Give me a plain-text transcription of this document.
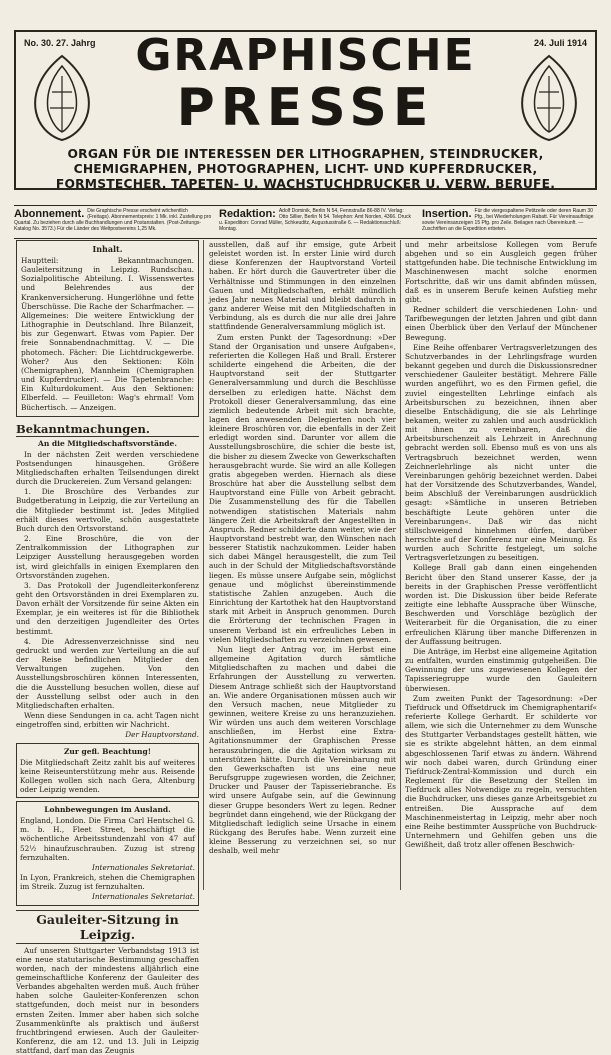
No. 30. 27. Jahrg	24. Juli 1914
GRAPHISCHE
PRESSE
ORGAN FÜR DIE INTERESSEN DER LITHOGRAPHEN, STEINDRUCKER,
CHEMIGRAPHEN, PHOTOGRAPHEN, LICHT- UND KUPFERDRUCKER,
FORMSTECHER, TAPETEN- U. WACHSTUCHDRUCKER U. VERW. BERUFE.
Abonnement. Die Graphische Presse erscheint wöchentlich (Freitags). Abonnementspreis: 1 Mk. inkl. Zustellung pro Quartal. Zu beziehen durch alle Buchhandlungen und Postanstalten. (Post-Zeitungs-Katalog No. 3573.) Für die Länder des Weltpostvereins 1,25 Mk.
Redaktion: Adolf Dominik, Berlin N 54, Fennstraße 86-88 IV. Verlag: Otto Sillier, Berlin N 54. Telephon: Amt Norden, 4366. Druck u. Expedition: Conrad Müller, Schkeuditz, Augustusstraße 6. — Redaktionsschluß: Montag.
Insertion. Für die viergespaltene Petitzeile oder deren Raum 30 Pfg., bei Wiederholungen Rabatt. Für Vereinsaufträge sowie Vereinsanzeigen 15 Pfg. pro Zeile. Beilagen nach Übereinkunft. — Zuschriften an die Expedition erbeten.
Inhalt.

Hauptteil: Bekanntmachungen. Gauleitersitzung in Leipzig. Rundschau. Sozialpolitische Abteilung. I. Wissenswertes und Belehrendes aus der Krankenversicherung. Hungerlöhne und fette Überschüsse. Die Rache der Scharfmacher. — Allgemeines: Die weitere Entwicklung der Lithographie in Deutschland. Ihre Bilanzeit, bis zur Gegenwart. Etwas vom Papier. Der freie Sonnabendnachmittag. V. — Die photomech. Fächer: Die Lichtdruckgewerbe. Woher? Aus den Sektionen: Köln (Chemigraphen), Mannheim (Chemigraphen und Kupferdrucker). — Die Tapetenbranche: Ein Kulturdokument. Aus den Sektionen: Elberfeld. — Feuilleton: Wag's ehrmal! Vom Büchertisch. — Anzeigen.

Bekanntmachungen.
An die Mitgliedschaftsvorstände.

In der nächsten Zeit werden verschiedene Postsendungen hinausgehen. Größere Mitgliedschaften erhalten Teilsendungen direkt durch die Druckereien. Zum Versand gelangen:

1. Die Broschüre des Verbandes zur Budgetberatung in Leipzig, die zur Verteilung an die Mitglieder bestimmt ist. Jedes Mitglied erhält dieses wertvolle, schön ausgestattete Buch durch den Ortsvorstand.

2. Eine Broschüre, die von der Zentralkommission der Lithographen zur Leipziger Ausstellung herausgegeben worden ist, wird gleichfalls in einigen Exemplaren den Ortsvorständen zugehen.

3. Das Protokoll der Jugendleiterkonferenz geht den Ortsvorständen in drei Exemplaren zu. Davon erhält der Vorsitzende für seine Akten ein Exemplar, je ein weiteres ist für die Bibliothek und den derzeitigen Jugendleiter des Ortes bestimmt.

4. Die Adressenverzeichnisse sind neu gedruckt und werden zur Verteilung an die auf der Reise befindlichen Mitglieder den Verwaltungen zugehen. Von den Ausstellungsbroschüren können Interessenten, die die Ausstellung besuchen wollen, diese auf der Ausstellung selbst oder auch in den Mitgliedschaften erhalten.

Wenn diese Sendungen in ca. acht Tagen nicht eingetroffen sind, erbitten wir Nachricht.

Der Hauptvorstand.

Zur gefl. Beachtung!

Die Mitgliedschaft Zeitz zahlt bis auf weiteres keine Reiseunterstützung mehr aus. Reisende Kollegen wollen sich nach Gera, Altenburg oder Leipzig wenden.

Lohnbewegungen im Ausland.

England, London. Die Firma Carl Hentschel G. m. b. H., Fleet Street, beschäftigt die wöchentliche Arbeitsstundenzahl von 47 auf 52½ hinaufzuschrauben. Zuzug ist streng fernzuhalten.

Internationales Sekretariat.

In Lyon, Frankreich, stehen die Chemigraphen im Streik. Zuzug ist fernzuhalten.

Internationales Sekretariat.

Gauleiter-Sitzung in Leipzig.

Auf unseren Stuttgarter Verbandstag 1913 ist eine neue statutarische Bestimmung geschaffen worden, nach der mindestens alljährlich eine gemeinschaftliche Konferenz der Gauleiter des Verbandes abgehalten werden muß. Auch früher haben solche Gauleiter-Konferenzen schon stattgefunden, doch meist nur in besonders ernsten Zeiten. Immer aber haben sich solche Zusammenkünfte als praktisch und äußerst fruchtbringend erwiesen. Auch der Gauleiter-Konferenz, die am 12. und 13. Juli in Leipzig stattfand, darf man das Zeugnis

ausstellen, daß auf ihr emsige, gute Arbeit geleistet worden ist. In erster Linie wird durch diese Konferenzen der Hauptvorstand Vorteil haben. Er hört durch die Gauvertreter über die Verhältnisse und Stimmungen in den einzelnen Gauen und Mitgliedschaften, erhält mündlich jedes Jahr neues Material und bleibt dadurch in ganz anderer Weise mit den Mitgliedschaften in Verbindung, als es durch die nur alle drei Jahre stattfindende Generalversammlung möglich ist.

Zum ersten Punkt der Tagesordnung: »Der Stand der Organisation und unsere Aufgaben«, referierten die Kollegen Haß und Brall. Ersterer schilderte eingehend die Arbeiten, die der Hauptvorstand seit der Stuttgarter Generalversammlung und durch die Beschlüsse derselben zu erledigen hatte. Nächst dem Protokoll dieser Generalversammlung, das eine ziemlich bedeutende Arbeit mit sich brachte, lagen den anwesenden Delegierten noch vier kleinere Broschüren vor, die ebenfalls in der Zeit erledigt worden sind. Darunter vor allem die Ausstellungsbroschüre, die schier die beste ist, die bisher zu diesem Zwecke von Gewerkschaften herausgebracht wurde. Sie wird an alle Kollegen gratis abgegeben werden. Hiernach als diese Broschüre hat aber die Ausstellung selbst dem Hauptvorstand eine Fülle von Arbeit gebracht. Die Zusammenstellung des für die Tabellen notwendigen statistischen Materials nahm längere Zeit die Arbeitskraft der Angestellten in Anspruch. Redner schilderte dann weiter, wie der Hauptvorstand bestrebt war, den Wünschen nach besserer Statistik nachzukommen. Leider haben sich dabei Mängel herausgestellt, die zum Teil auch in der Schuld der Mitgliedschaftsvorstände liegen. Es müsse unsere Aufgabe sein, möglichst genaue und möglichst übereinstimmende statistische Zahlen anzugeben. Auch die Einrichtung der Kartothek hat den Hauptvorstand stark mit Arbeit in Anspruch genommen. Durch die Erörterung der technischen Fragen in unserem Verband ist ein erfreuliches Leben in vielen Mitgliedschaften zu verzeichnen gewesen.

Nun liegt der Antrag vor, im Herbst eine allgemeine Agitation durch sämtliche Mitgliedschaften zu machen und dabei die Erfahrungen der Ausstellung zu verwerten. Diesem Antrage schließt sich der Hauptvorstand an. Wie andere Organisationen müssen auch wir den Versuch machen, neue Mitglieder zu gewinnen, weitere Kreise zu uns heranzuziehen. Wir würden uns auch dem weiteren Vorschlage anschließen, im Herbst eine Extra-Agitationsnummer der Graphischen Presse herauszubringen, die die Agitation wirksam zu unterstützen hätte. Durch die Vereinbarung mit den Gewerkschaften ist uns eine neue Berufsgruppe zugewiesen worden, die Zeichner, Drucker und Pauser der Tapisseriebranche. Es wird unsere Aufgabe sein, auf die Gewinnung dieser Gruppe besonders Wert zu legen. Redner begründet dann eingehend, wie der Rückgang der Mitgliedschaft lediglich seine Ursache in einem Rückgang des Berufes habe. Wenn zurzeit eine kleine Besserung zu verzeichnen sei, so nur deshalb, weil mehr

und mehr arbeitslose Kollegen vom Berufe abgehen und so ein Ausgleich gegen früher stattgefunden habe. Die technische Entwicklung im Maschinenwesen macht solche enormen Fortschritte, daß wir uns damit abfinden müssen, daß es in unserem Berufe keinen Aufstieg mehr gibt.

Redner schildert die verschiedenen Lohn- und Tarifbewegungen der letzten Jahren und gibt dann einen Überblick über den Verlauf der Münchener Bewegung.

Eine Reihe offenbarer Vertragsverletzungen des Schutzverbandes in der Lehrlingsfrage wurden bekannt gegeben und durch die Diskussionsredner verschiedener Gauleiter bestätigt. Mehrere Fälle wurden angeführt, wo es den Firmen gefiel, die zuviel eingestellten Lehrlinge einfach als Arbeitsburschen zu bezeichnen, ihnen aber dieselbe Entschädigung, die sie als Lehrlinge bekamen, weiter zu zahlen und auch ausdrücklich mit ihnen zu vereinbaren, daß die Arbeitsburschenzeit als Lehrzeit in Anrechnung gebracht werden soll. Ebenso muß es von uns als Vertragsbruch bezeichnet werden, wenn Zeichnerlehrlinge als nicht unter die Vereinbarungen gehörig bezeichnet werden. Dabei hat der Vorsitzende des Schutzverbandes, Wandel, beim Abschluß der Vereinbarungen ausdrücklich gesagt: »Sämtliche in unseren Betrieben beschäftigte Leute gehören unter die Vereinbarungen«. Daß wir das nicht stillschweigend hinnehmen dürfen, darüber herrschte auf der Konferenz nur eine Meinung. Es wurden auch Schritte festgelegt, um solche Vertragsverletzungen zu beseitigen.

Kollege Brall gab dann einen eingehenden Bericht über den Stand unserer Kasse, der ja bereits in der Graphischen Presse veröffentlicht worden ist. Die Diskussion über beide Referate zeitigte eine lebhafte Aussprache über Wünsche, Beschwerden und Vorschläge bezüglich der Weiterarbeit für die Organisation, die zu einer erfreulichen Klärung über manche Differenzen in der Auffassung beitrugen.

Die Anträge, im Herbst eine allgemeine Agitation zu entfalten, wurden einstimmig gutgeheißen. Die Gewinnung der uns zugewiesenen Kollegen der Tapisseriegruppe wurde den Gauleitern überwiesen.

Zum zweiten Punkt der Tagesordnung: »Der Tiefdruck und Offsetdruck im Chemigraphentarif« referierte Kollege Gerhardt. Er schilderte vor allem, wie sich die Unternehmer zu dem Wunsche des Stuttgarter Verbandstages gestellt hätten, wie sie es strikte abgelehnt hätten, an dem einmal abgeschlossenen Tarif etwas zu ändern. Während wir noch dabei waren, durch Gründung einer Tiefdruck-Zentral-Kommission und durch ein Reglement für die Besetzung der Stellen im Tiefdruck alles Notwendige zu regeln, versuchten die Buchdrucker, uns dieses ganze Arbeitsgebiet zu entreißen. Die Aussprache auf dem Maschinenmeistertag in Leipzig, mehr aber noch eine Reihe bestimmter Aussprüche von Buchdruck-Unternehmern und Gehilfen geben uns die Gewißheit, daß trotz aller offenen Beschwich-
